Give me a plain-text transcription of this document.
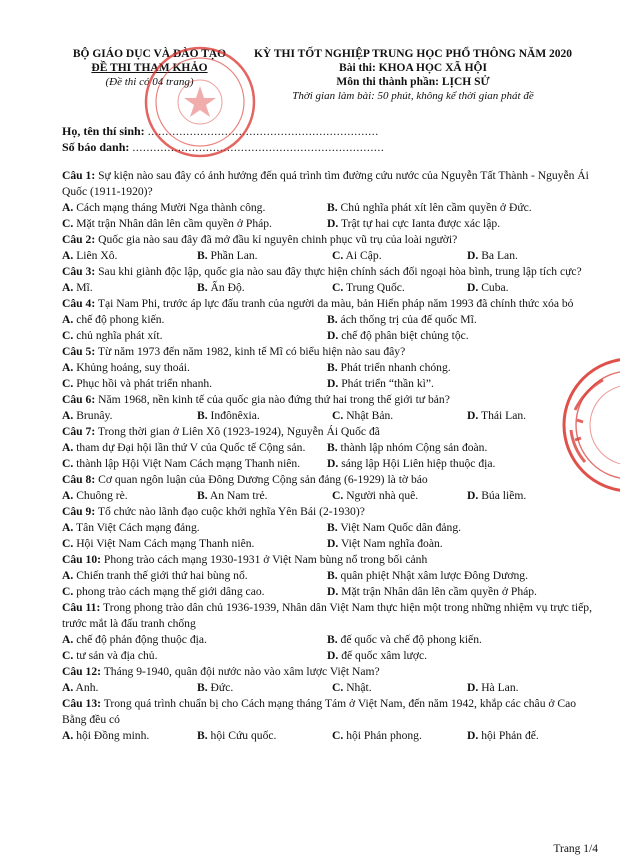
BỘ GIÁO DỤC VÀ ĐÀO TẠO
ĐỀ THI THAM KHẢO
(Đề thi có 04 trang)
KỲ THI TỐT NGHIỆP TRUNG HỌC PHỔ THÔNG NĂM 2020
Bài thi: KHOA HỌC XÃ HỘI
Môn thi thành phần: LỊCH SỬ
Thời gian làm bài: 50 phút, không kể thời gian phát đề
Họ, tên thí sinh: ..................................................................
Số báo danh: ........................................................................
Câu 1: Sự kiện nào sau đây có ảnh hưởng đến quá trình tìm đường cứu nước của Nguyễn Tất Thành - Nguyễn Ái Quốc (1911-1920)?
A. Cách mạng tháng Mười Nga thành công.	B. Chủ nghĩa phát xít lên cầm quyền ở Đức.
C. Mặt trận Nhân dân lên cầm quyền ở Pháp.	D. Trật tự hai cực Ianta được xác lập.
Câu 2: Quốc gia nào sau đây đã mở đầu kỉ nguyên chinh phục vũ trụ của loài người?
A. Liên Xô.	B. Phần Lan.	C. Ai Cập.	D. Ba Lan.
Câu 3: Sau khi giành độc lập, quốc gia nào sau đây thực hiện chính sách đối ngoại hòa bình, trung lập tích cực?
A. Mĩ.	B. Ấn Độ.	C. Trung Quốc.	D. Cuba.
Câu 4: Tại Nam Phi, trước áp lực đấu tranh của người da màu, bản Hiến pháp năm 1993 đã chính thức xóa bỏ
A. chế độ phong kiến.	B. ách thống trị của đế quốc Mĩ.
C. chủ nghĩa phát xít.	D. chế độ phân biệt chủng tộc.
Câu 5: Từ năm 1973 đến năm 1982, kinh tế Mĩ có biểu hiện nào sau đây?
A. Khủng hoảng, suy thoái.	B. Phát triển nhanh chóng.
C. Phục hồi và phát triển nhanh.	D. Phát triển “thần kì”.
Câu 6: Năm 1968, nền kinh tế của quốc gia nào đứng thứ hai trong thế giới tư bản?
A. Brunây.	B. Inđônêxia.	C. Nhật Bản.	D. Thái Lan.
Câu 7: Trong thời gian ở Liên Xô (1923-1924), Nguyễn Ái Quốc đã
A. tham dự Đại hội lần thứ V của Quốc tế Cộng sản.	B. thành lập nhóm Cộng sản đoàn.
C. thành lập Hội Việt Nam Cách mạng Thanh niên.	D. sáng lập Hội Liên hiệp thuộc địa.
Câu 8: Cơ quan ngôn luận của Đông Dương Cộng sản đảng (6-1929) là tờ báo
A. Chuông rè.	B. An Nam trẻ.	C. Người nhà quê.	D. Búa liềm.
Câu 9: Tổ chức nào lãnh đạo cuộc khởi nghĩa Yên Bái (2-1930)?
A. Tân Việt Cách mạng đảng.	B. Việt Nam Quốc dân đảng.
C. Hội Việt Nam Cách mạng Thanh niên.	D. Việt Nam nghĩa đoàn.
Câu 10: Phong trào cách mạng 1930-1931 ở Việt Nam bùng nổ trong bối cảnh
A. Chiến tranh thế giới thứ hai bùng nổ.	B. quân phiệt Nhật xâm lược Đông Dương.
C. phong trào cách mạng thế giới dâng cao.	D. Mặt trận Nhân dân lên cầm quyền ở Pháp.
Câu 11: Trong phong trào dân chủ 1936-1939, Nhân dân Việt Nam thực hiện một trong những nhiệm vụ trực tiếp, trước mắt là đấu tranh chống
A. chế độ phản động thuộc địa.	B. đế quốc và chế độ phong kiến.
C. tư sản và địa chủ.	D. đế quốc xâm lược.
Câu 12: Tháng 9-1940, quân đội nước nào vào xâm lược Việt Nam?
A. Anh.	B. Đức.	C. Nhật.	D. Hà Lan.
Câu 13: Trong quá trình chuẩn bị cho Cách mạng tháng Tám ở Việt Nam, đến năm 1942, khắp các châu ở Cao Bằng đều có
A. hội Đồng minh.	B. hội Cứu quốc.	C. hội Phản phong.	D. hội Phản đế.
Trang 1/4
